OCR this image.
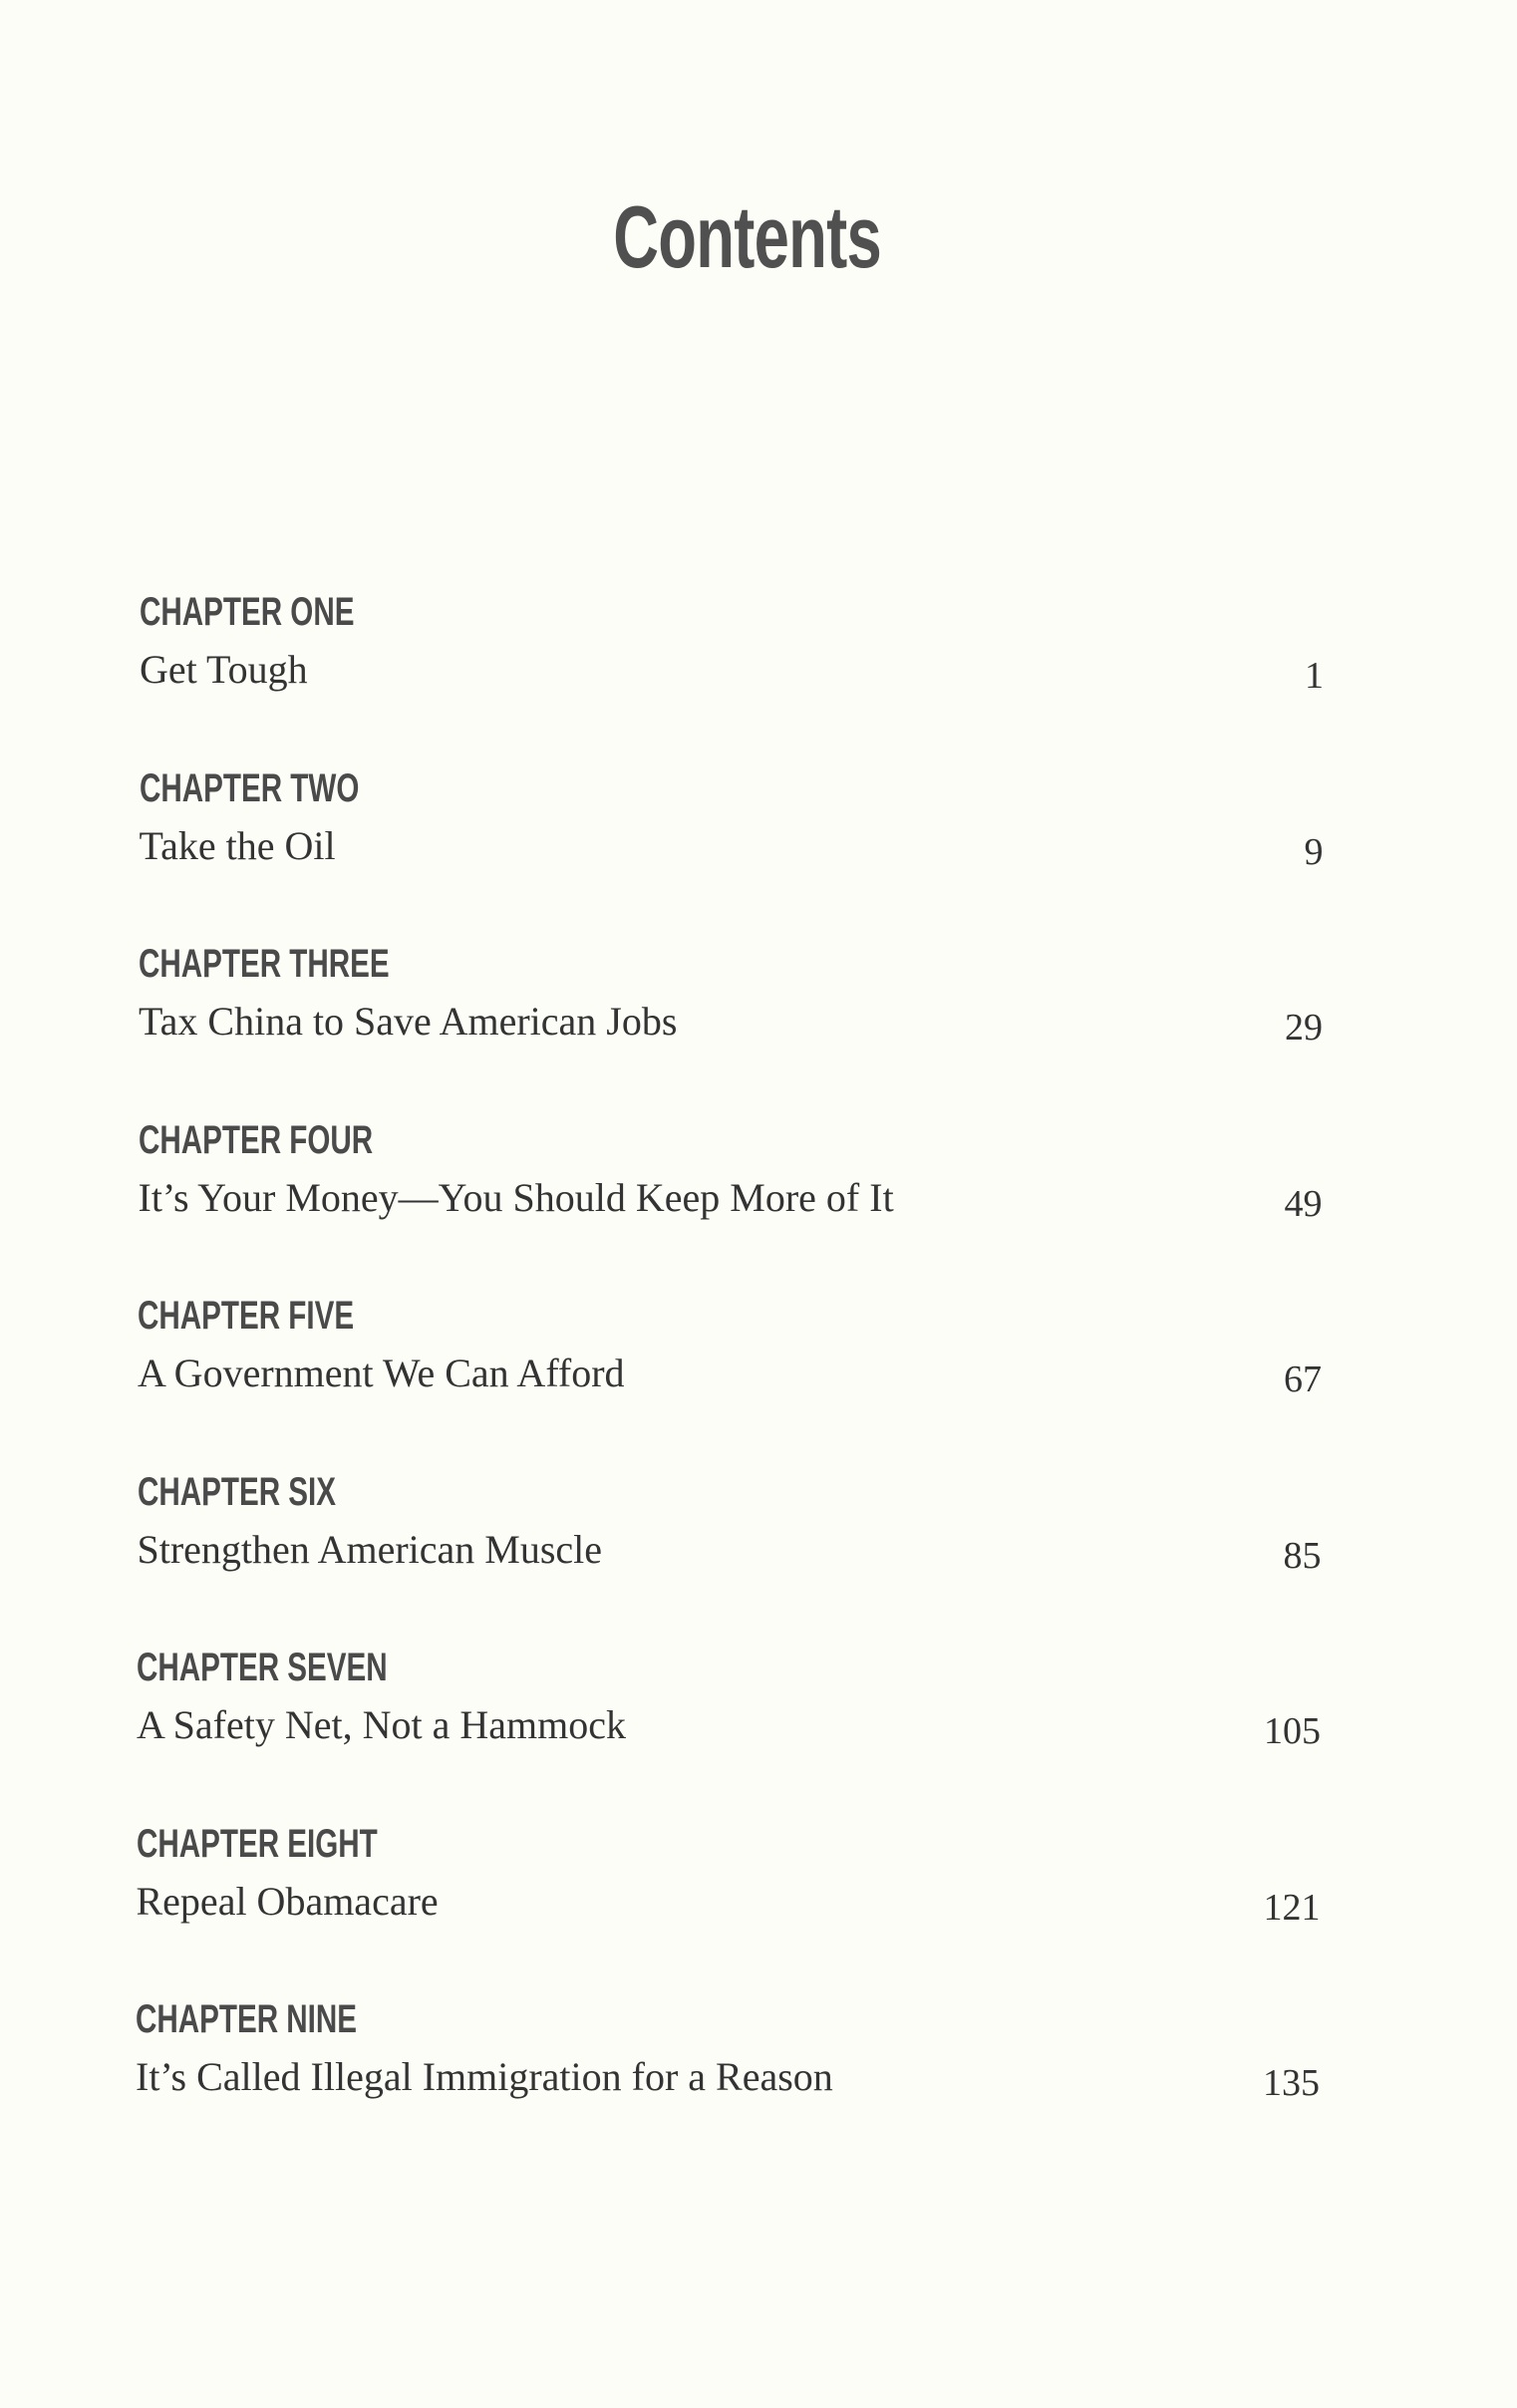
Contents
CHAPTER ONE
Get Tough	1
CHAPTER TWO
Take the Oil	9
CHAPTER THREE
Tax China to Save American Jobs	29
CHAPTER FOUR
It’s Your Money—You Should Keep More of It	49
CHAPTER FIVE
A Government We Can Afford	67
CHAPTER SIX
Strengthen American Muscle	85
CHAPTER SEVEN
A Safety Net, Not a Hammock	105
CHAPTER EIGHT
Repeal Obamacare	121
CHAPTER NINE
It’s Called Illegal Immigration for a Reason	135
